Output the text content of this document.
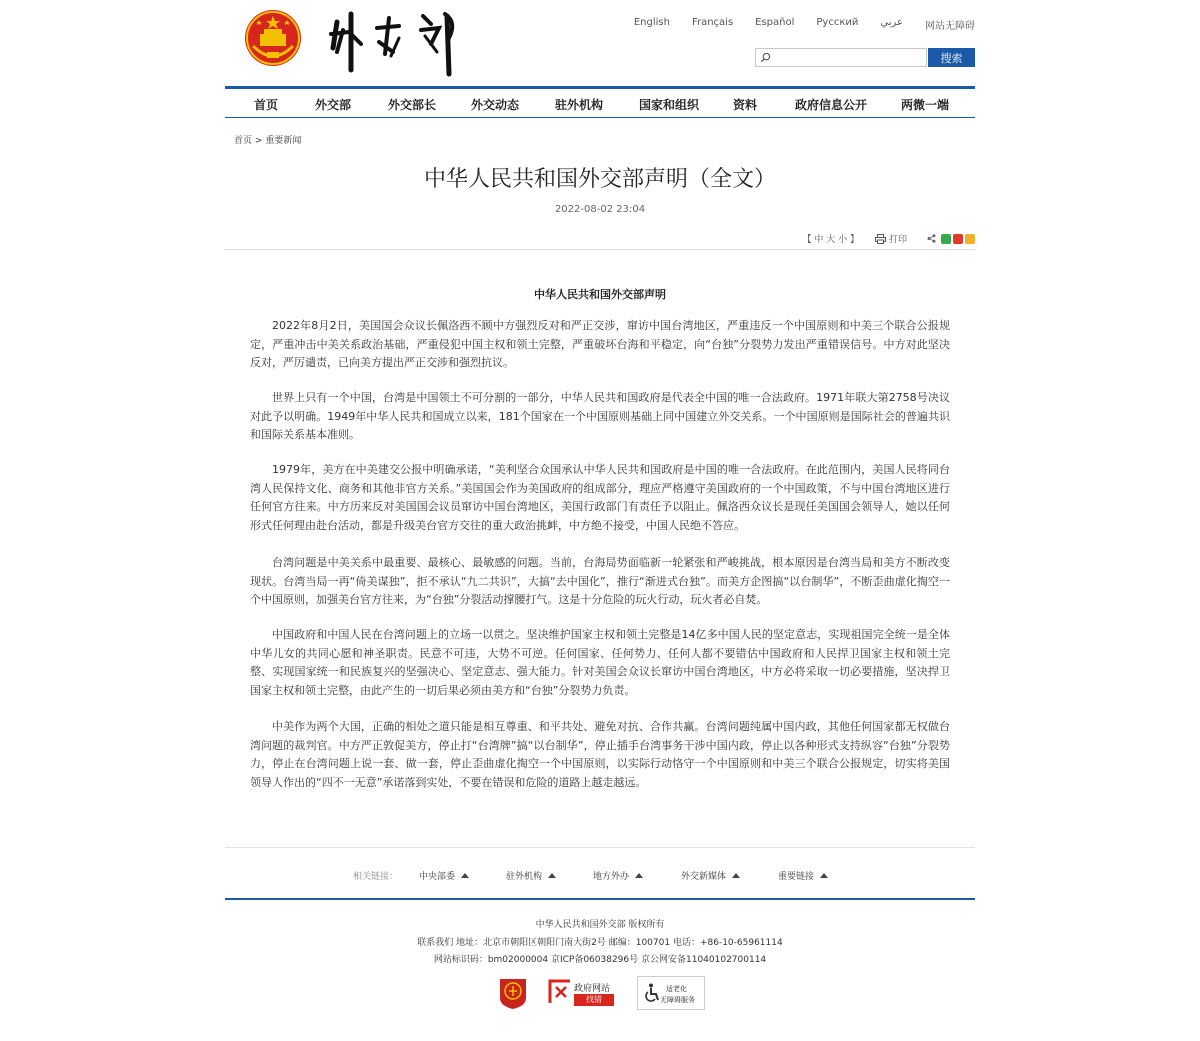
English Français Español Русский عربي 网站无障碍
搜索
首页	外交部	外交部长	外交动态	驻外机构	国家和组织	资料	政府信息公开	两微一端
首页 > 重要新闻
中华人民共和国外交部声明（全文）
2022-08-02 23:04
【 中 大 小 】	打印
中华人民共和国外交部声明

2022年8月2日，美国国会众议长佩洛西不顾中方强烈反对和严正交涉，窜访中国台湾地区，严重违反一个中国原则和中美三个联合公报规定，严重冲击中美关系政治基础，严重侵犯中国主权和领土完整，严重破坏台海和平稳定，向“台独”分裂势力发出严重错误信号。中方对此坚决反对，严厉谴责，已向美方提出严正交涉和强烈抗议。

世界上只有一个中国，台湾是中国领土不可分割的一部分，中华人民共和国政府是代表全中国的唯一合法政府。1971年联大第2758号决议对此予以明确。1949年中华人民共和国成立以来，181个国家在一个中国原则基础上同中国建立外交关系。一个中国原则是国际社会的普遍共识和国际关系基本准则。

1979年，美方在中美建交公报中明确承诺，“美利坚合众国承认中华人民共和国政府是中国的唯一合法政府。在此范围内，美国人民将同台湾人民保持文化、商务和其他非官方关系。”美国国会作为美国政府的组成部分，理应严格遵守美国政府的一个中国政策，不与中国台湾地区进行任何官方往来。中方历来反对美国国会议员窜访中国台湾地区，美国行政部门有责任予以阻止。佩洛西众议长是现任美国国会领导人，她以任何形式任何理由赴台活动，都是升级美台官方交往的重大政治挑衅，中方绝不接受，中国人民绝不答应。

台湾问题是中美关系中最重要、最核心、最敏感的问题。当前，台海局势面临新一轮紧张和严峻挑战，根本原因是台湾当局和美方不断改变现状。台湾当局一再“倚美谋独”，拒不承认“九二共识”，大搞“去中国化”，推行“渐进式台独”。而美方企图搞“以台制华”，不断歪曲虚化掏空一个中国原则，加强美台官方往来，为“台独”分裂活动撑腰打气。这是十分危险的玩火行动，玩火者必自焚。

中国政府和中国人民在台湾问题上的立场一以贯之。坚决维护国家主权和领土完整是14亿多中国人民的坚定意志，实现祖国完全统一是全体中华儿女的共同心愿和神圣职责。民意不可违，大势不可逆。任何国家、任何势力、任何人都不要错估中国政府和人民捍卫国家主权和领土完整、实现国家统一和民族复兴的坚强决心、坚定意志、强大能力。针对美国会众议长窜访中国台湾地区，中方必将采取一切必要措施，坚决捍卫国家主权和领土完整，由此产生的一切后果必须由美方和“台独”分裂势力负责。

中美作为两个大国，正确的相处之道只能是相互尊重、和平共处、避免对抗、合作共赢。台湾问题纯属中国内政，其他任何国家都无权做台湾问题的裁判官。中方严正敦促美方，停止打“台湾牌”搞“以台制华”，停止插手台湾事务干涉中国内政，停止以各种形式支持纵容“台独”分裂势力，停止在台湾问题上说一套、做一套，停止歪曲虚化掏空一个中国原则，以实际行动恪守一个中国原则和中美三个联合公报规定，切实将美国领导人作出的“四不一无意”承诺落到实处，不要在错误和危险的道路上越走越远。

相关链接： 中央部委	驻外机构	地方外办	外交新媒体	重要链接
中华人民共和国外交部 版权所有
联系我们 地址：北京市朝阳区朝阳门南大街2号 邮编：100701 电话：+86-10-65961114
网站标识码：bm02000004 京ICP备06038296号 京公网安备11040102700114
政府网站
找错
适老化
无障碍服务
